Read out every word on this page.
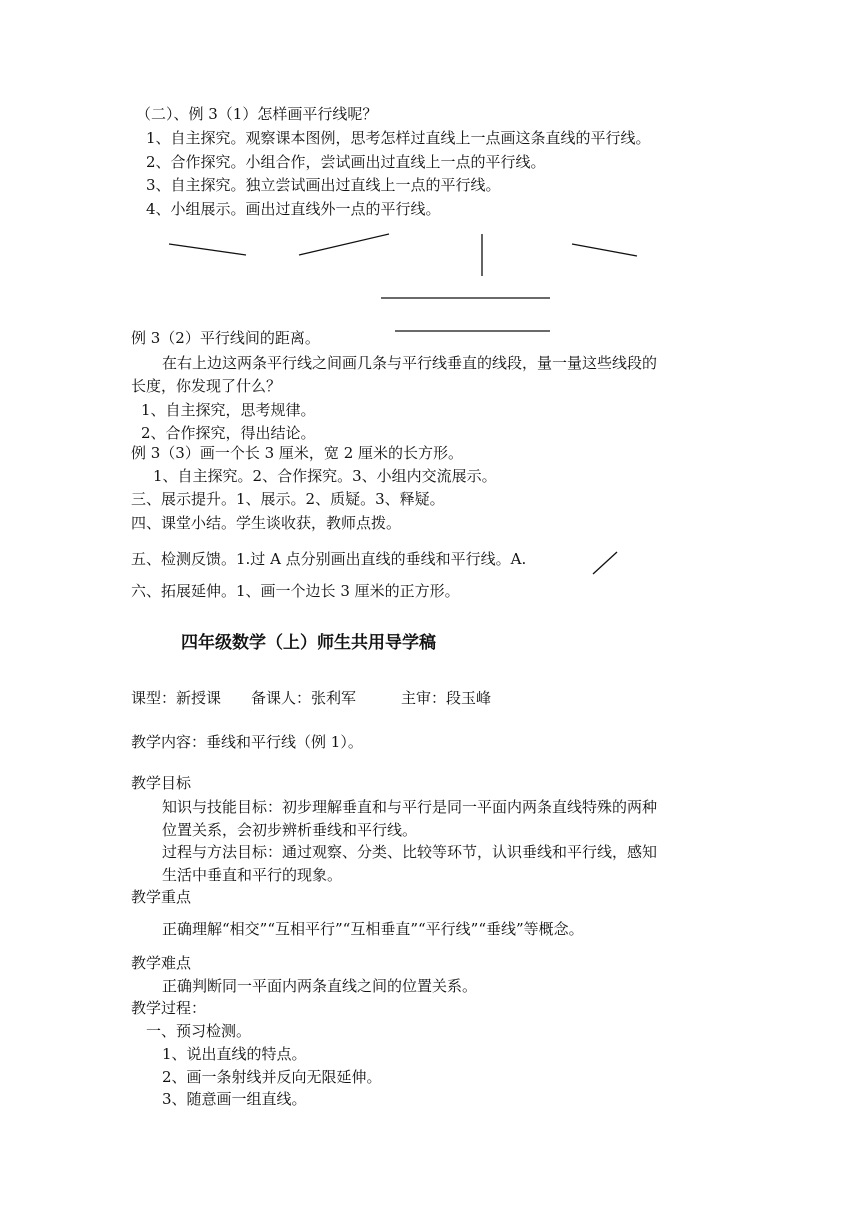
（二）、例 3（1）怎样画平行线呢？
1、自主探究。观察课本图例，思考怎样过直线上一点画这条直线的平行线。
2、合作探究。小组合作，尝试画出过直线上一点的平行线。
3、自主探究。独立尝试画出过直线上一点的平行线。
4、小组展示。画出过直线外一点的平行线。
例 3（2）平行线间的距离。
在右上边这两条平行线之间画几条与平行线垂直的线段，量一量这些线段的
长度，你发现了什么？
1、自主探究，思考规律。
2、合作探究，得出结论。
例 3（3）画一个长 3 厘米，宽 2 厘米的长方形。
1、自主探究。2、合作探究。3、小组内交流展示。
三、展示提升。1、展示。2、质疑。3、释疑。
四、课堂小结。学生谈收获，教师点拨。
五、检测反馈。1.过 A 点分别画出直线的垂线和平行线。A.
六、拓展延伸。1、画一个边长 3 厘米的正方形。
四年级数学（上）师生共用导学稿
课型：新授课　　备课人：张利军　　　主审：段玉峰
教学内容：垂线和平行线（例 1）。
教学目标
知识与技能目标：初步理解垂直和与平行是同一平面内两条直线特殊的两种
位置关系，会初步辨析垂线和平行线。
过程与方法目标：通过观察、分类、比较等环节，认识垂线和平行线，感知
生活中垂直和平行的现象。
教学重点
正确理解“相交”“互相平行”“互相垂直”“平行线”“垂线”等概念。
教学难点
正确判断同一平面内两条直线之间的位置关系。
教学过程：
一、预习检测。
1、说出直线的特点。
2、画一条射线并反向无限延伸。
3、随意画一组直线。
